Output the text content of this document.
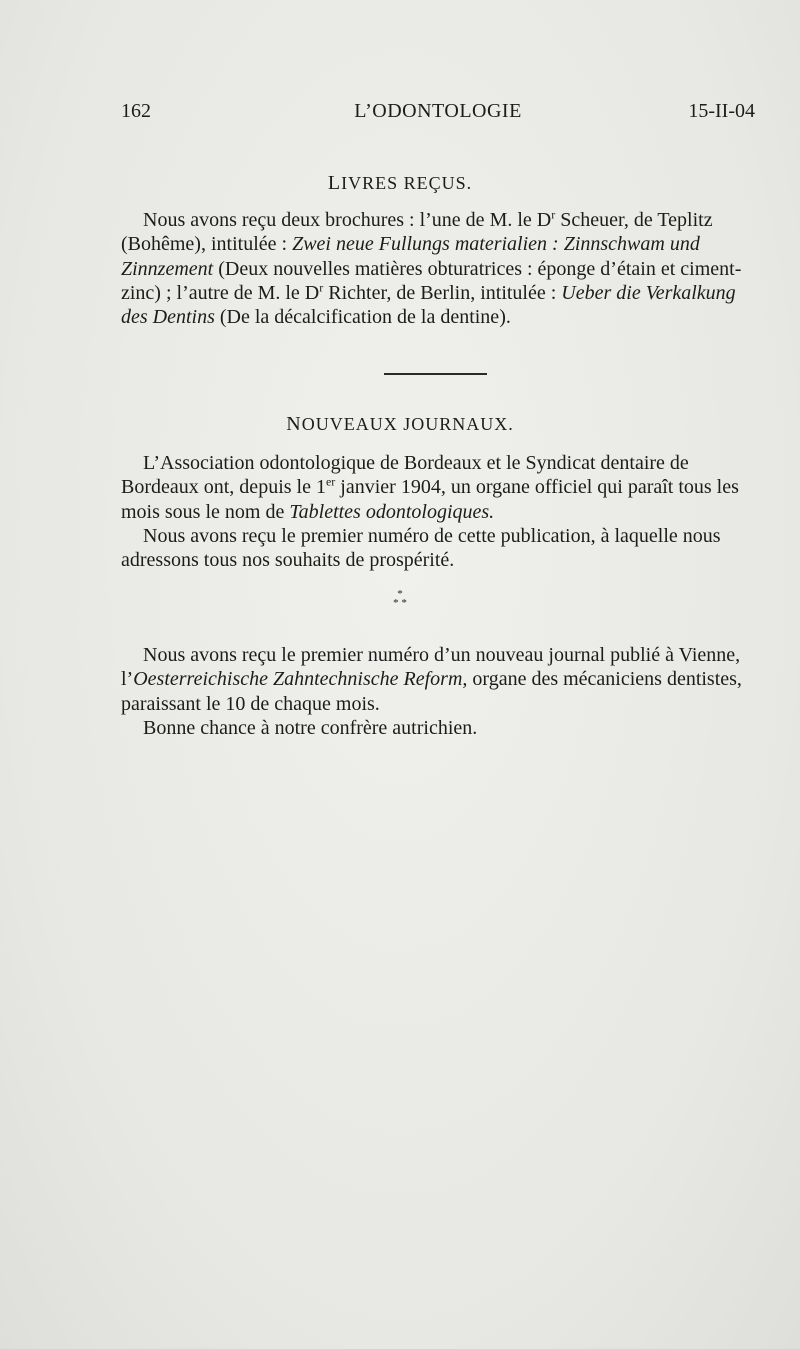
162	L’ODONTOLOGIE	15-II-04
LIVRES REÇUS.

Nous avons reçu deux brochures : l’une de M. le $D^r$ Scheuer, de Teplitz (Bohême), intitulée : Zwei neue Fullungs materialien : Zinnschwam und Zinnzement (Deux nouvelles matières obturatrices : éponge d’étain et ciment-zinc) ; l’autre de M. le $D^r$ Richter, de Berlin, intitulée : Ueber die Verkalkung des Dentins (De la décalcification de la dentine).

NOUVEAUX JOURNAUX.

L’Association odontologique de Bordeaux et le Syndicat dentaire de Bordeaux ont, depuis le 1er janvier 1904, un organe officiel qui paraît tous les mois sous le nom de Tablettes odontologiques.

Nous avons reçu le premier numéro de cette publication, à laquelle nous adressons tous nos souhaits de prospérité.

*
* *

Nous avons reçu le premier numéro d’un nouveau journal publié à Vienne, l’Oesterreichische Zahntechnische Reform, organe des mécaniciens dentistes, paraissant le 10 de chaque mois.

Bonne chance à notre confrère autrichien.
